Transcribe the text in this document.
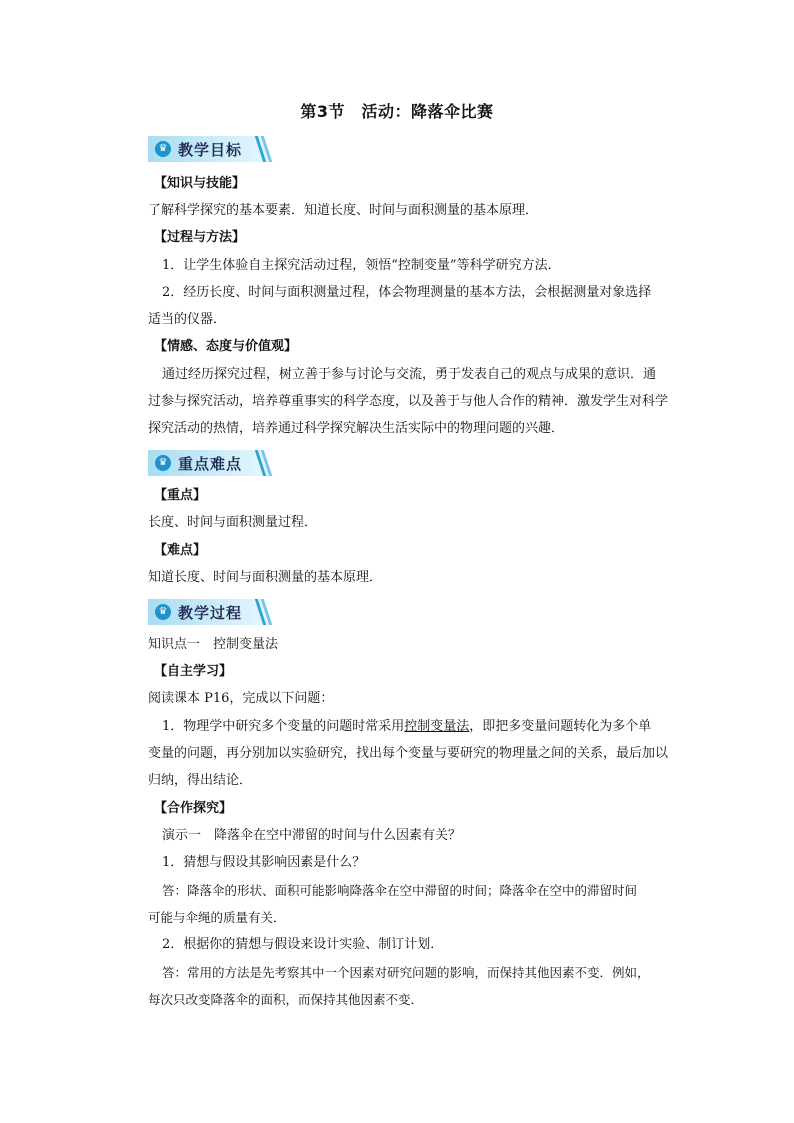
第3节　活动：降落伞比赛
♛ 教学目标
【知识与技能】
了解科学探究的基本要素．知道长度、时间与面积测量的基本原理．
【过程与方法】
1．让学生体验自主探究活动过程，领悟“控制变量”等科学研究方法．
2．经历长度、时间与面积测量过程，体会物理测量的基本方法，会根据测量对象选择
适当的仪器．
【情感、态度与价值观】
通过经历探究过程，树立善于参与讨论与交流，勇于发表自己的观点与成果的意识．通
过参与探究活动，培养尊重事实的科学态度，以及善于与他人合作的精神．激发学生对科学
探究活动的热情，培养通过科学探究解决生活实际中的物理问题的兴趣．
♛ 重点难点
【重点】
长度、时间与面积测量过程．
【难点】
知道长度、时间与面积测量的基本原理．
♛ 教学过程
知识点一　控制变量法
【自主学习】
阅读课本 P16，完成以下问题：
1．物理学中研究多个变量的问题时常采用控制变量法，即把多变量问题转化为多个单
变量的问题，再分别加以实验研究，找出每个变量与要研究的物理量之间的关系，最后加以
归纳，得出结论．
【合作探究】
演示一　降落伞在空中滞留的时间与什么因素有关？
1．猜想与假设其影响因素是什么？
答：降落伞的形状、面积可能影响降落伞在空中滞留的时间；降落伞在空中的滞留时间
可能与伞绳的质量有关．
2．根据你的猜想与假设来设计实验、制订计划．
答：常用的方法是先考察其中一个因素对研究问题的影响，而保持其他因素不变．例如，
每次只改变降落伞的面积，而保持其他因素不变．
